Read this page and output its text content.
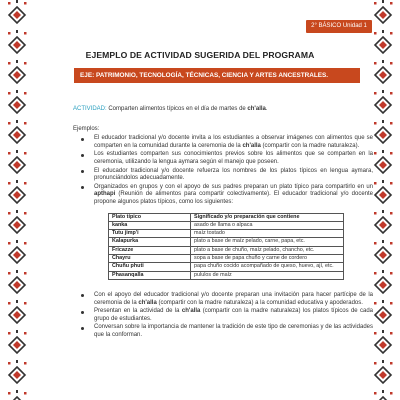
2° BÁSICO Unidad 1
EJEMPLO DE ACTIVIDAD SUGERIDA DEL PROGRAMA
EJE: PATRIMONIO, TECNOLOGÍA, TÉCNICAS, CIENCIA Y ARTES ANCESTRALES.

ACTIVIDAD: Comparten alimentos típicos en el día de martes de ch'alla.

Ejemplos:

El educador tradicional y/o docente invita a los estudiantes a observar imágenes con alimentos que se comparten en la comunidad durante la ceremonia de la ch'alla (compartir con la madre naturaleza).
Los estudiantes comparten sus conocimientos previos sobre los alimentos que se comparten en la ceremonia, utilizando la lengua aymara según el manejo que poseen.
El educador tradicional y/o docente refuerza los nombres de los platos típicos en lengua aymara, pronunciándolos adecuadamente.
Organizados en grupos y con el apoyo de sus padres preparan un plato típico para compartirlo en un apthapi (Reunión de alimentos para compartir colectivamente). El educador tradicional y/o docente propone algunos platos típicos, como los siguientes:
Plato típico	Significado y/o preparación que contiene
kanka	asado de llama o alpaca
Tutu jimp'i	maíz tostado
Kalapurka	plato a base de maíz pelado, carne, papa, etc.
Fricazze	plato a base de chuño, maíz pelado, chancho, etc.
Chayru	sopa a base de papa chuño y carne de cordero
Chuñu phuti	papa chuño cocido acompañado de queso, huevo, ají, etc.
Phasanqalla	pululos de maíz
Con el apoyo del educador tradicional y/o docente preparan una invitación para hacer partícipe de la ceremonia de la ch'alla (compartir con la madre naturaleza) a la comunidad educativa y apoderados.
Presentan en la actividad de la ch'alla (compartir con la madre naturaleza) los platos típicos de cada grupo de estudiantes.
Conversan sobre la importancia de mantener la tradición de este tipo de ceremonias y de las actividades que la conforman.
